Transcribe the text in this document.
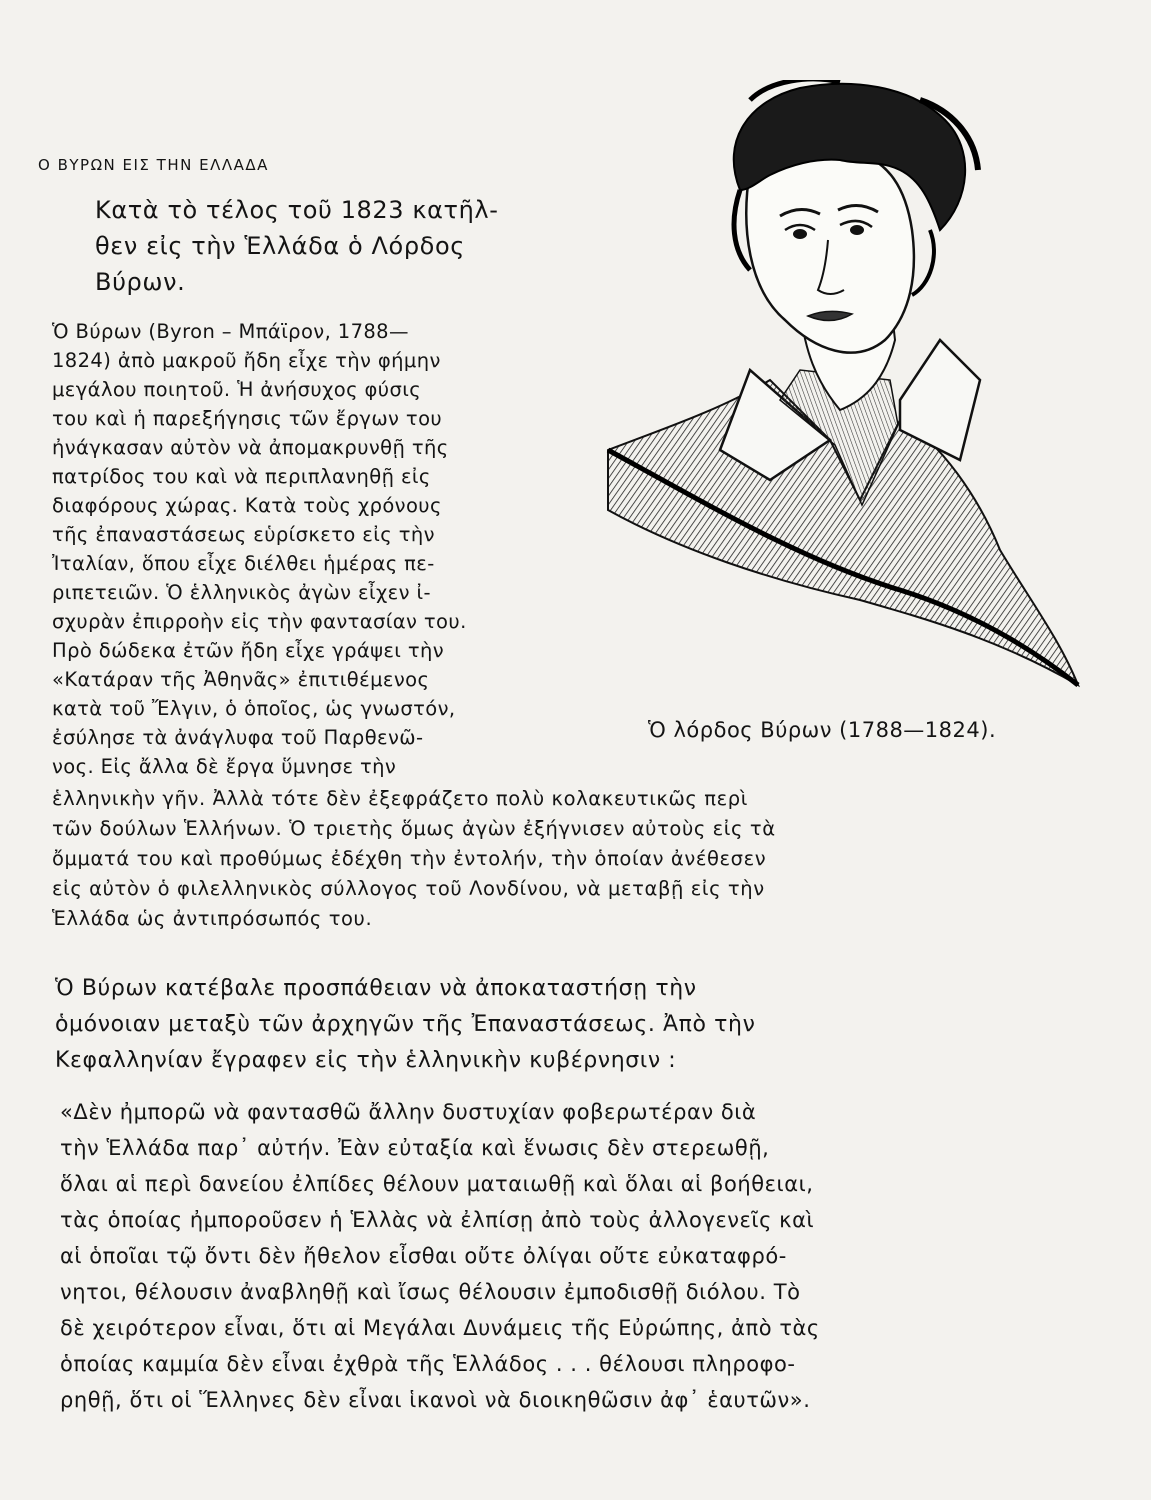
Ο ΒΥΡΩΝ ΕΙΣ ΤΗΝ ΕΛΛΑΔΑ
Κατὰ τὸ τέλος τοῦ 1823 κατῆλ-
θεν εἰς τὴν Ἑλλάδα ὁ Λόρδος
Βύρων.
Ὁ Βύρων (Byron – Μπάϊρον, 1788—
1824) ἀπὸ μακροῦ ἤδη εἶχε τὴν φήμην
μεγάλου ποιητοῦ. Ἡ ἀνήσυχος φύσις
του καὶ ἡ παρεξήγησις τῶν ἔργων του
ἠνάγκασαν αὐτὸν νὰ ἀπομακρυνθῇ τῆς
πατρίδος του καὶ νὰ περιπλανηθῇ εἰς
διαφόρους χώρας. Κατὰ τοὺς χρόνους
τῆς ἐπαναστάσεως εὑρίσκετο εἰς τὴν
Ἰταλίαν, ὅπου εἶχε διέλθει ἡμέρας πε-
ριπετειῶν. Ὁ ἑλληνικὸς ἀγὼν εἶχεν ἰ-
σχυρὰν ἐπιρροὴν εἰς τὴν φαντασίαν του.
Πρὸ δώδεκα ἐτῶν ἤδη εἶχε γράψει τὴν
«Κατάραν τῆς Ἀθηνᾶς» ἐπιτιθέμενος
κατὰ τοῦ Ἔλγιν, ὁ ὁποῖος, ὡς γνωστόν,
ἐσύλησε τὰ ἀνάγλυφα τοῦ Παρθενῶ-
νος. Εἰς ἄλλα δὲ ἔργα ὕμνησε τὴν
ἑλληνικὴν γῆν. Ἀλλὰ τότε δὲν ἐξεφράζετο πολὺ κολακευτικῶς περὶ
τῶν δούλων Ἑλλήνων. Ὁ τριετὴς ὅμως ἀγὼν ἐξήγνισεν αὐτοὺς εἰς τὰ
ὄμματά του καὶ προθύμως ἐδέχθη τὴν ἐντολήν, τὴν ὁποίαν ἀνέθεσεν
εἰς αὐτὸν ὁ φιλελληνικὸς σύλλογος τοῦ Λονδίνου, νὰ μεταβῇ εἰς τὴν
Ἑλλάδα ὡς ἀντιπρόσωπός του.
Ὁ λόρδος Βύρων (1788—1824).
Ὁ Βύρων κατέβαλε προσπάθειαν νὰ ἀποκαταστήσῃ τὴν
ὁμόνοιαν μεταξὺ τῶν ἀρχηγῶν τῆς Ἐπαναστάσεως. Ἀπὸ τὴν
Κεφαλληνίαν ἔγραφεν εἰς τὴν ἑλληνικὴν κυβέρνησιν :
«Δὲν ἠμπορῶ νὰ φαντασθῶ ἄλλην δυστυχίαν φοβερωτέραν διὰ
τὴν Ἑλλάδα παρ᾽ αὐτήν. Ἐὰν εὐταξία καὶ ἕνωσις δὲν στερεωθῇ,
ὅλαι αἱ περὶ δανείου ἐλπίδες θέλουν ματαιωθῇ καὶ ὅλαι αἱ βοήθειαι,
τὰς ὁποίας ἠμποροῦσεν ἡ Ἑλλὰς νὰ ἐλπίσῃ ἀπὸ τοὺς ἀλλογενεῖς καὶ
αἱ ὁποῖαι τῷ ὄντι δὲν ἤθελον εἶσθαι οὔτε ὀλίγαι οὔτε εὐκαταφρό-
νητοι, θέλουσιν ἀναβληθῇ καὶ ἴσως θέλουσιν ἐμποδισθῇ διόλου. Τὸ
δὲ χειρότερον εἶναι, ὅτι αἱ Μεγάλαι Δυνάμεις τῆς Εὐρώπης, ἀπὸ τὰς
ὁποίας καμμία δὲν εἶναι ἐχθρὰ τῆς Ἑλλάδος . . . θέλουσι πληροφο-
ρηθῇ, ὅτι οἱ Ἕλληνες δὲν εἶναι ἱκανοὶ νὰ διοικηθῶσιν ἀφ᾽ ἑαυτῶν».
